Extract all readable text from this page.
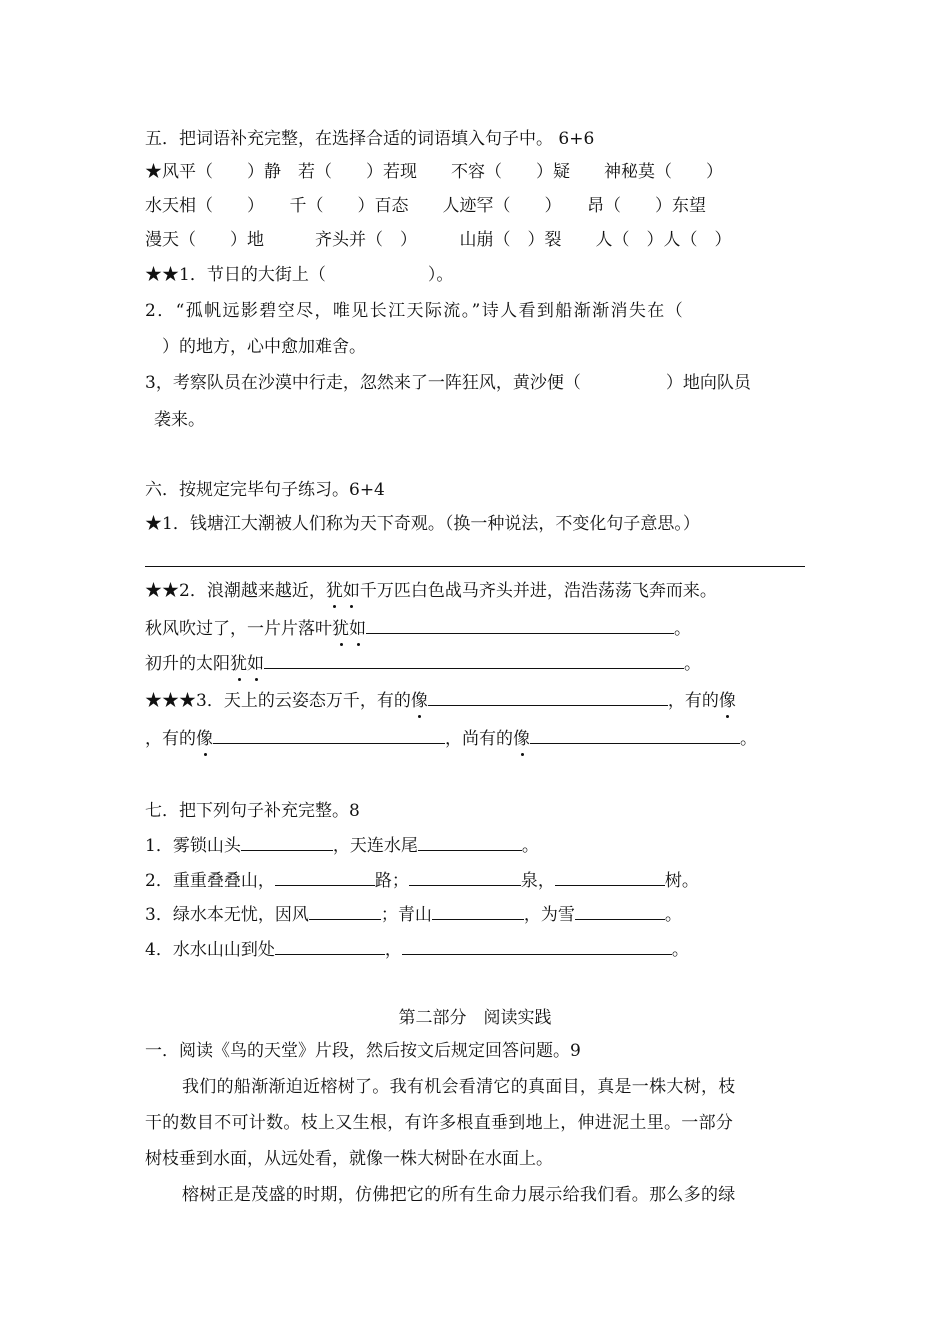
五．把词语补充完整，在选择合适的词语填入句子中。 6+6
★风平（　　）静　若（　　）若现　　不容（　　）疑　　神秘莫（　　）
水天相（　　）　　千（　　）百态　　人迹罕（　　）　　昂（　　）东望
漫天（　　）地　　　齐头并（　）　　　山崩（　）裂　　人（　）人（　）
★★1．节日的大街上（　　　　　　）。
2．“孤帆远影碧空尽，唯见长江天际流。”诗人看到船渐渐消失在（
）的地方，心中愈加难舍。
3，考察队员在沙漠中行走，忽然来了一阵狂风，黄沙便（　　　　　）地向队员
袭来。
六．按规定完毕句子练习。6+4
★1．钱塘江大潮被人们称为天下奇观。（换一种说法，不变化句子意思。）
★★2．浪潮越来越近，犹如千万匹白色战马齐头并进，浩浩荡荡飞奔而来。
秋风吹过了，一片片落叶犹如	。
初升的太阳犹如	。
★★★3．天上的云姿态万千，有的像	，有的像
，有的像	，尚有的像	。
七．把下列句子补充完整。8
1．雾锁山头	，天连水尾	。
2．重重叠叠山，	路；	泉，	树。
3．绿水本无忧，因风	；青山	，为雪	。
4．水水山山到处	，	。
第二部分　阅读实践
一．阅读《鸟的天堂》片段，然后按文后规定回答问题。9
我们的船渐渐迫近榕树了。我有机会看清它的真面目，真是一株大树，枝
干的数目不可计数。枝上又生根，有许多根直垂到地上，伸进泥土里。一部分
树枝垂到水面，从远处看，就像一株大树卧在水面上。
榕树正是茂盛的时期，仿佛把它的所有生命力展示给我们看。那么多的绿
